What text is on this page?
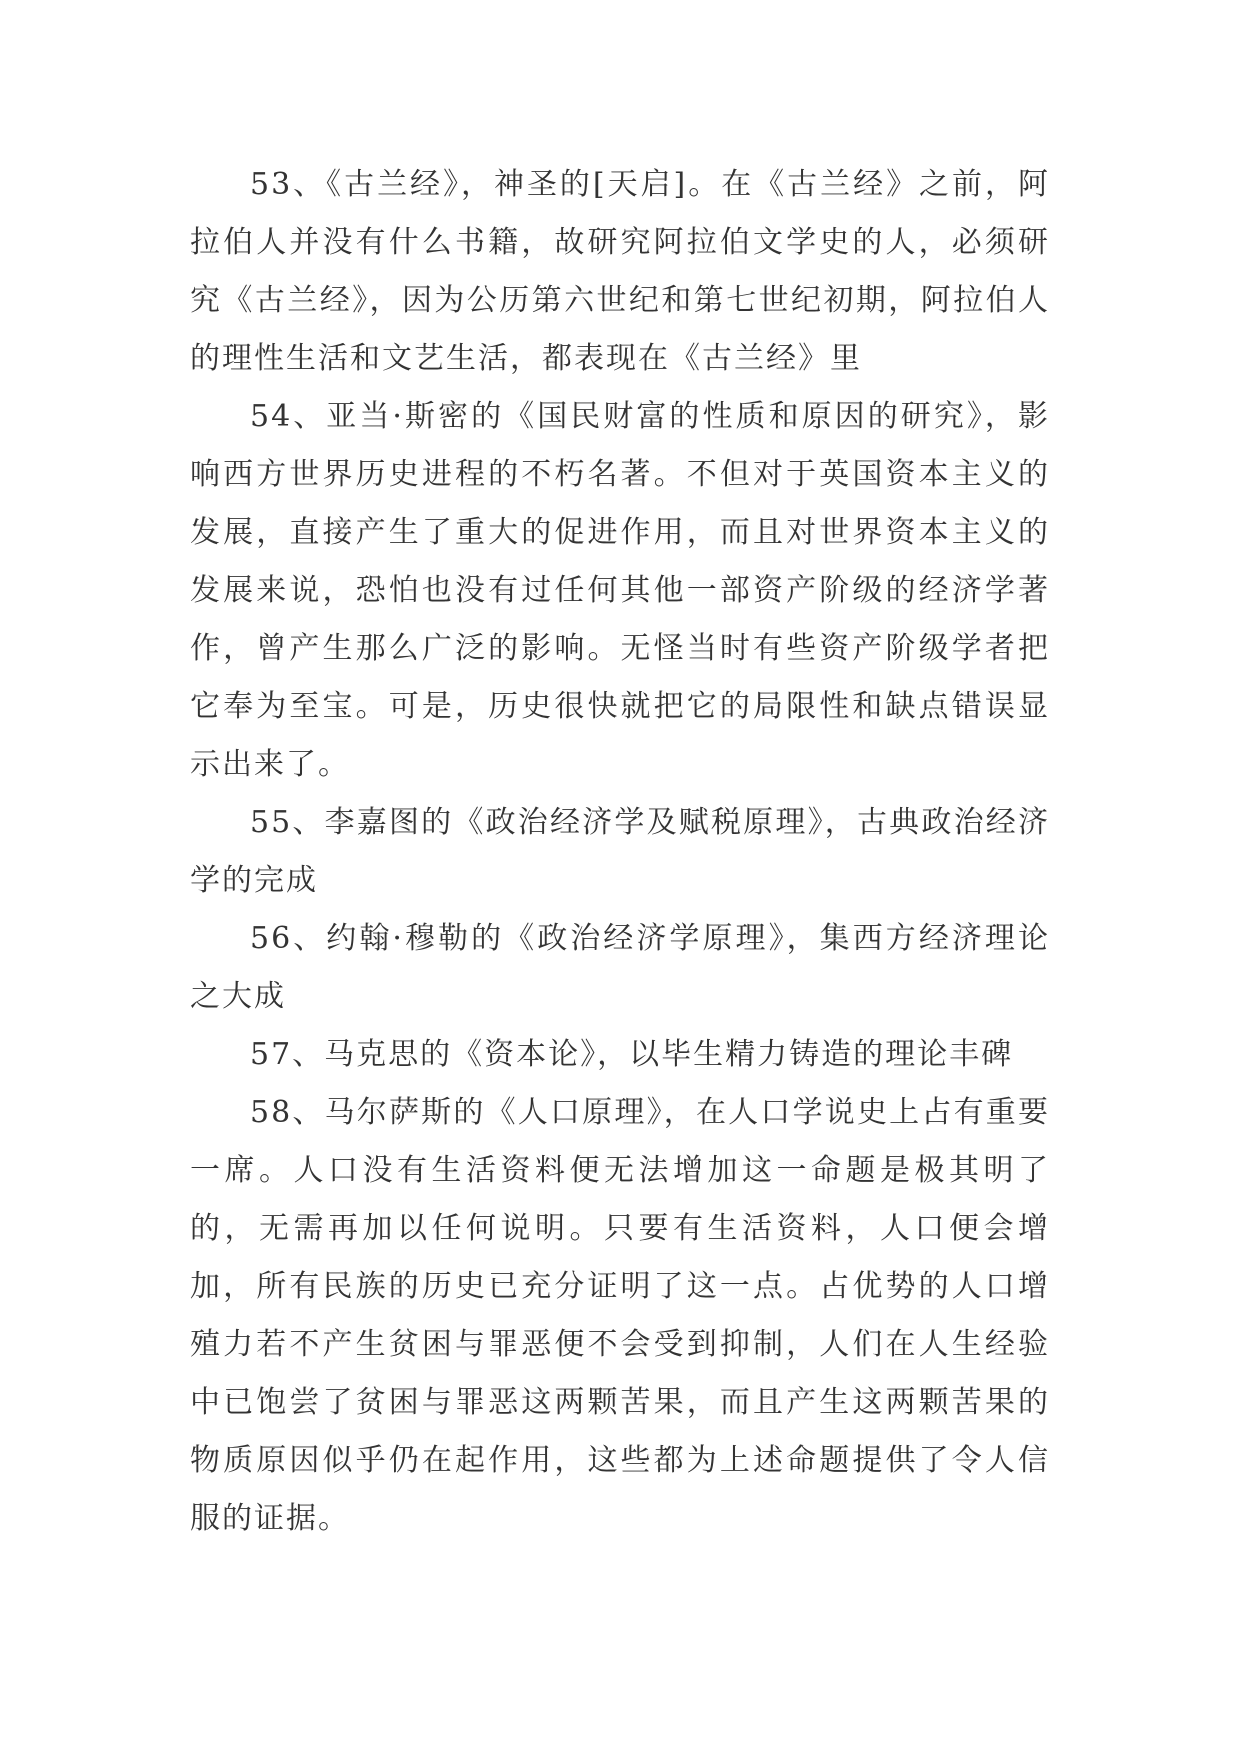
53、《古兰经》，神圣的[天启]。在《古兰经》之前，阿拉伯人并没有什么书籍，故研究阿拉伯文学史的人，必须研究《古兰经》，因为公历第六世纪和第七世纪初期，阿拉伯人的理性生活和文艺生活，都表现在《古兰经》里

54、亚当·斯密的《国民财富的性质和原因的研究》，影响西方世界历史进程的不朽名著。不但对于英国资本主义的发展，直接产生了重大的促进作用，而且对世界资本主义的发展来说，恐怕也没有过任何其他一部资产阶级的经济学著作，曾产生那么广泛的影响。无怪当时有些资产阶级学者把它奉为至宝。可是，历史很快就把它的局限性和缺点错误显示出来了。

55、李嘉图的《政治经济学及赋税原理》，古典政治经济学的完成

56、约翰·穆勒的《政治经济学原理》，集西方经济理论之大成

57、马克思的《资本论》，以毕生精力铸造的理论丰碑

58、马尔萨斯的《人口原理》，在人口学说史上占有重要一席。人口没有生活资料便无法增加这一命题是极其明了的，无需再加以任何说明。只要有生活资料，人口便会增加，所有民族的历史已充分证明了这一点。占优势的人口增殖力若不产生贫困与罪恶便不会受到抑制，人们在人生经验中已饱尝了贫困与罪恶这两颗苦果，而且产生这两颗苦果的物质原因似乎仍在起作用，这些都为上述命题提供了令人信服的证据。
